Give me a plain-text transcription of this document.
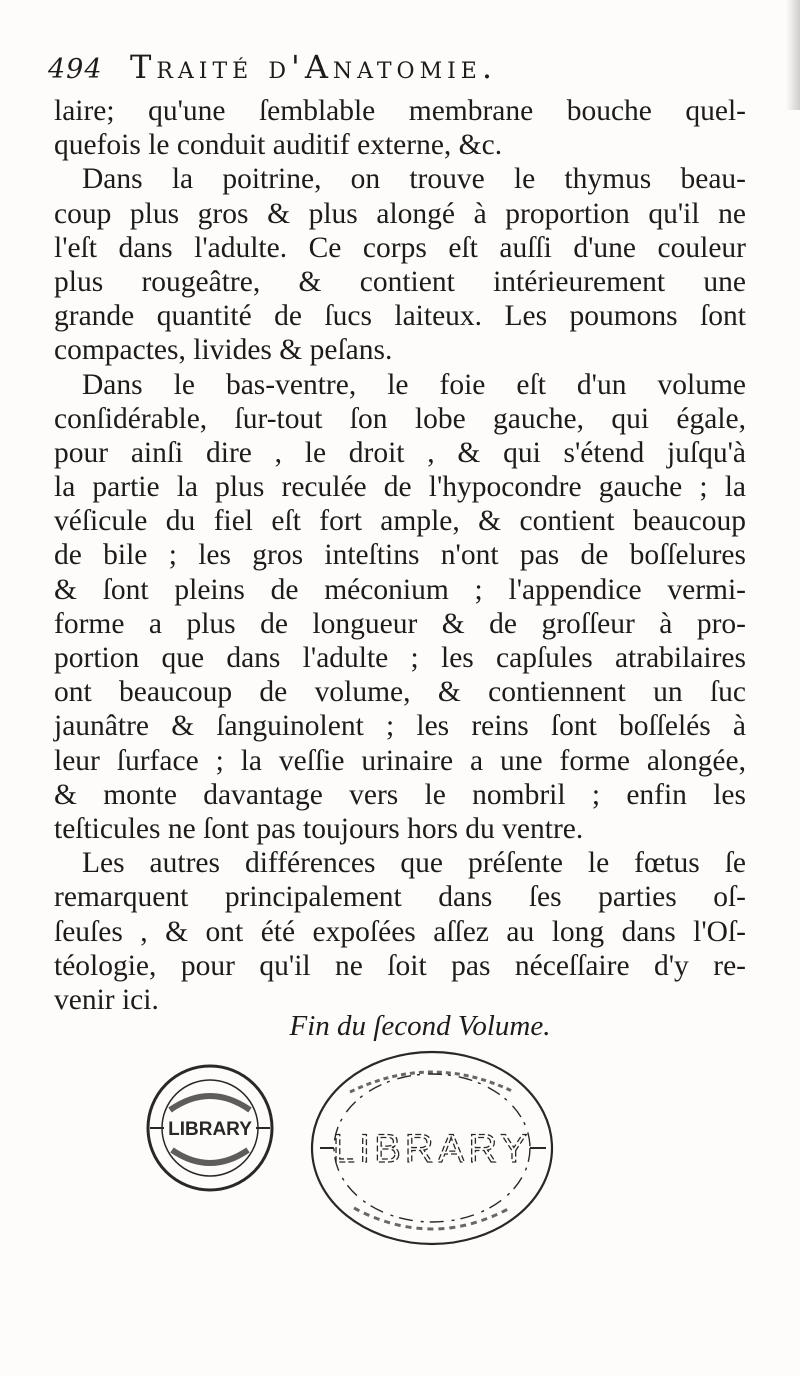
494 Traité d'Anatomie.
laire; qu'une ſemblable membrane bouche quel-
quefois le conduit auditif externe, &c.
Dans la poitrine, on trouve le thymus beau-
coup plus gros & plus alongé à proportion qu'il ne
l'eſt dans l'adulte. Ce corps eſt auſſi d'une couleur
plus rougeâtre, & contient intérieurement une
grande quantité de ſucs laiteux. Les poumons ſont
compactes, livides & peſans.
Dans le bas-ventre, le foie eſt d'un volume
conſidérable, ſur-tout ſon lobe gauche, qui égale,
pour ainſi dire , le droit , & qui s'étend juſqu'à
la partie la plus reculée de l'hypocondre gauche ; la
véſicule du fiel eſt fort ample, & contient beaucoup
de bile ; les gros inteſtins n'ont pas de boſſelures
& ſont pleins de méconium ; l'appendice vermi-
forme a plus de longueur & de groſſeur à pro-
portion que dans l'adulte ; les capſules atrabilaires
ont beaucoup de volume, & contiennent un ſuc
jaunâtre & ſanguinolent ; les reins ſont boſſelés à
leur ſurface ; la veſſie urinaire a une forme alongée,
& monte davantage vers le nombril ; enfin les
teſticules ne ſont pas toujours hors du ventre.
Les autres différences que préſente le fœtus ſe
remarquent principalement dans ſes parties oſ-
ſeuſes , & ont été expoſées aſſez au long dans l'Oſ-
téologie, pour qu'il ne ſoit pas néceſſaire d'y re-
venir ici.
Fin du ſecond Volume.
LIBRARY LIBRARY
